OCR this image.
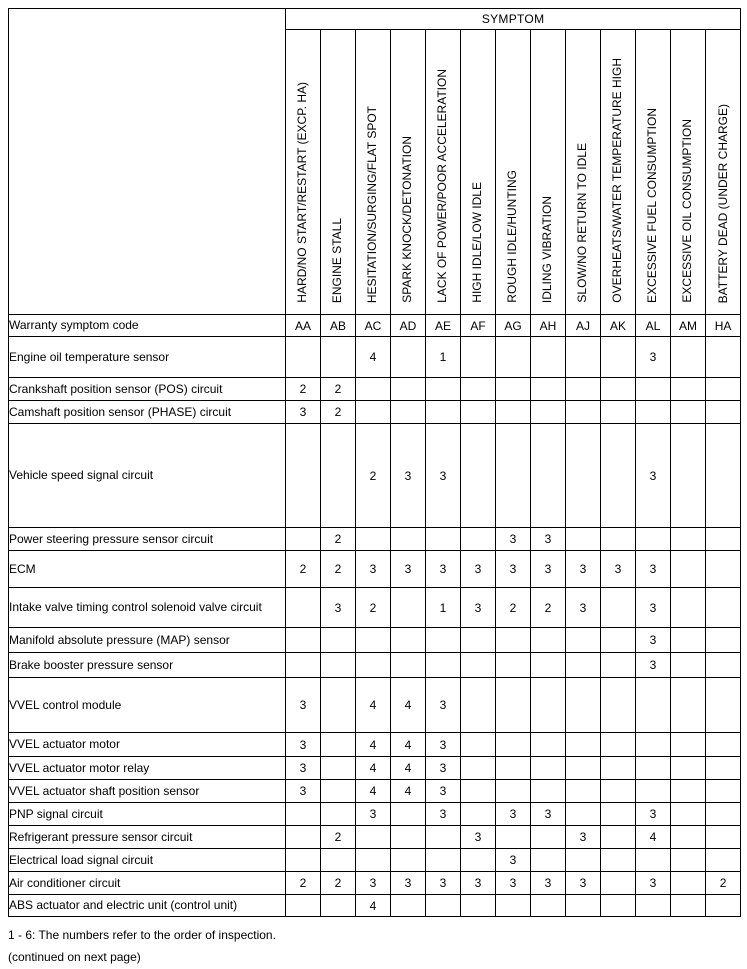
	SYMPTOM												
	HARD/NO START/RESTART (EXCP. HA)	ENGINE STALL	HESITATION/SURGING/FLAT SPOT	SPARK KNOCK/DETONATION	LACK OF POWER/POOR ACCELERATION	HIGH IDLE/LOW IDLE	ROUGH IDLE/HUNTING	IDLING VIBRATION	SLOW/NO RETURN TO IDLE	OVERHEATS/WATER TEMPERATURE HIGH	EXCESSIVE FUEL CONSUMPTION	EXCESSIVE OIL CONSUMPTION	BATTERY DEAD (UNDER CHARGE)
Warranty symptom code	AA	AB	AC	AD	AE	AF	AG	AH	AJ	AK	AL	AM	HA
Engine oil temperature sensor			4		1						3		
Crankshaft position sensor (POS) circuit	2	2											
Camshaft position sensor (PHASE) circuit	3	2											
Vehicle speed signal circuit			2	3	3						3		
Power steering pressure sensor circuit		2					3	3					
ECM	2	2	3	3	3	3	3	3	3	3	3		
Intake valve timing control solenoid valve circuit		3	2		1	3	2	2	3		3		
Manifold absolute pressure (MAP) sensor											3		
Brake booster pressure sensor											3		
VVEL control module	3		4	4	3								
VVEL actuator motor	3		4	4	3								
VVEL actuator motor relay	3		4	4	3								
VVEL actuator shaft position sensor	3		4	4	3								
PNP signal circuit			3		3		3	3			3		
Refrigerant pressure sensor circuit		2				3			3		4		
Electrical load signal circuit							3						
Air conditioner circuit	2	2	3	3	3	3	3	3	3		3		2
ABS actuator and electric unit (control unit)			4										
1 - 6: The numbers refer to the order of inspection.
(continued on next page)
